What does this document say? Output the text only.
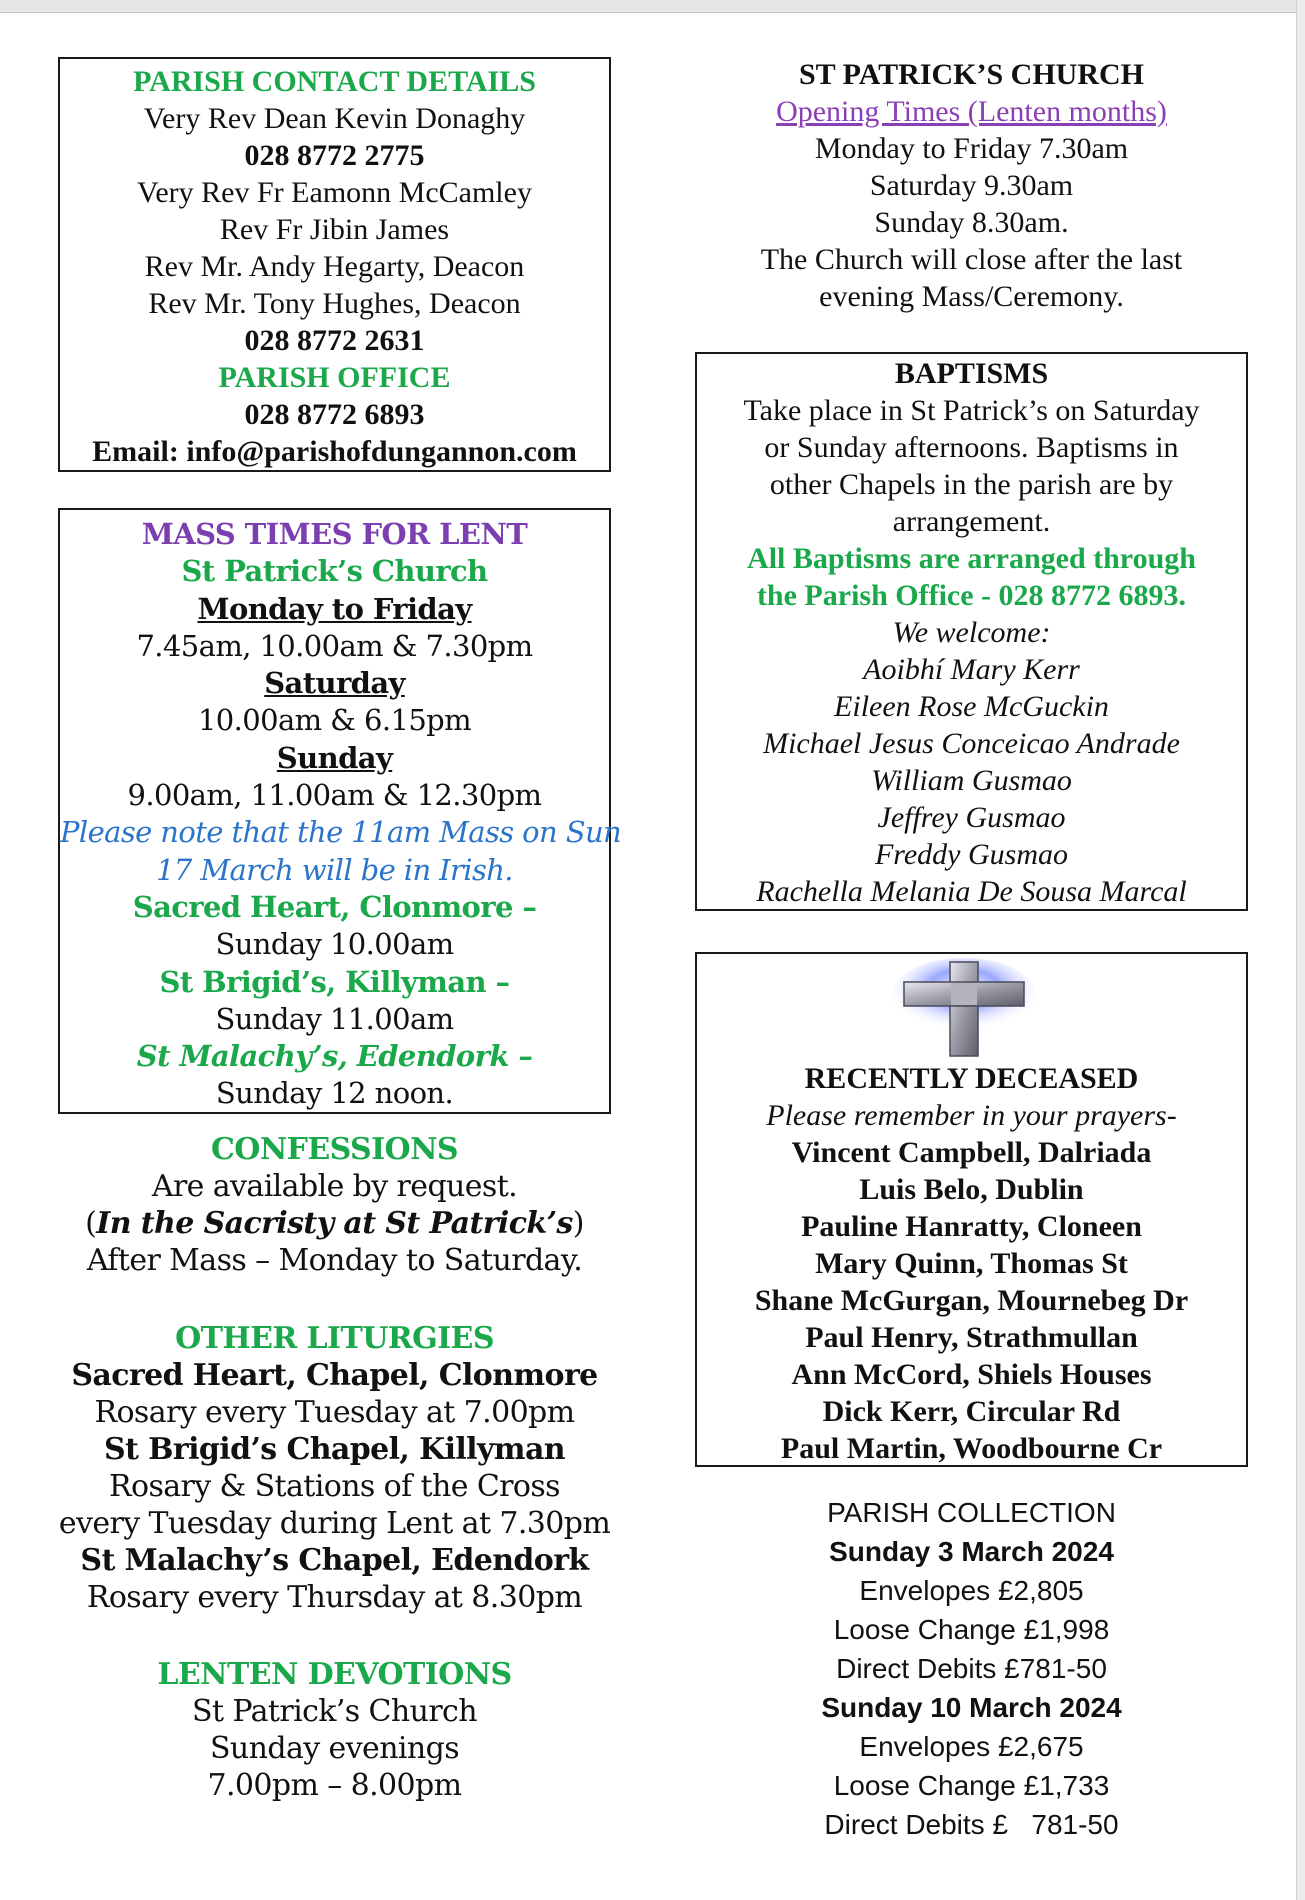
PARISH CONTACT DETAILS
Very Rev Dean Kevin Donaghy
028 8772 2775
Very Rev Fr Eamonn McCamley
Rev Fr Jibin James
Rev Mr. Andy Hegarty, Deacon
Rev Mr. Tony Hughes, Deacon
028 8772 2631
PARISH OFFICE
028 8772 6893
Email: info@parishofdungannon.com
MASS TIMES FOR LENT
St Patrick’s Church
Monday to Friday
7.45am, 10.00am & 7.30pm
Saturday
10.00am & 6.15pm
Sunday
9.00am, 11.00am & 12.30pm
Please note that the 11am Mass on Sun
17 March will be in Irish.
Sacred Heart, Clonmore –
Sunday 10.00am
St Brigid’s, Killyman –
Sunday 11.00am
St Malachy’s, Edendork –
Sunday 12 noon.
CONFESSIONS
Are available by request.
(In the Sacristy at St Patrick’s)
After Mass – Monday to Saturday.
OTHER LITURGIES
Sacred Heart, Chapel, Clonmore
Rosary every Tuesday at 7.00pm
St Brigid’s Chapel, Killyman
Rosary & Stations of the Cross
every Tuesday during Lent at 7.30pm
St Malachy’s Chapel, Edendork
Rosary every Thursday at 8.30pm
LENTEN DEVOTIONS
St Patrick’s Church
Sunday evenings
7.00pm – 8.00pm
ST PATRICK’S CHURCH
Opening Times (Lenten months)
Monday to Friday 7.30am
Saturday 9.30am
Sunday 8.30am.
The Church will close after the last
evening Mass/Ceremony.
BAPTISMS
Take place in St Patrick’s on Saturday
or Sunday afternoons. Baptisms in
other Chapels in the parish are by
arrangement.
All Baptisms are arranged through
the Parish Office - 028 8772 6893.
We welcome:
Aoibhí Mary Kerr
Eileen Rose McGuckin
Michael Jesus Conceicao Andrade
William Gusmao
Jeffrey Gusmao
Freddy Gusmao
Rachella Melania De Sousa Marcal
RECENTLY DECEASED
Please remember in your prayers-
Vincent Campbell, Dalriada
Luis Belo, Dublin
Pauline Hanratty, Cloneen
Mary Quinn, Thomas St
Shane McGurgan, Mournebeg Dr
Paul Henry, Strathmullan
Ann McCord, Shiels Houses
Dick Kerr, Circular Rd
Paul Martin, Woodbourne Cr
PARISH COLLECTION
Sunday 3 March 2024
Envelopes £2,805
Loose Change £1,998
Direct Debits £781-50
Sunday 10 March 2024
Envelopes £2,675
Loose Change £1,733
Direct Debits £   781-50
